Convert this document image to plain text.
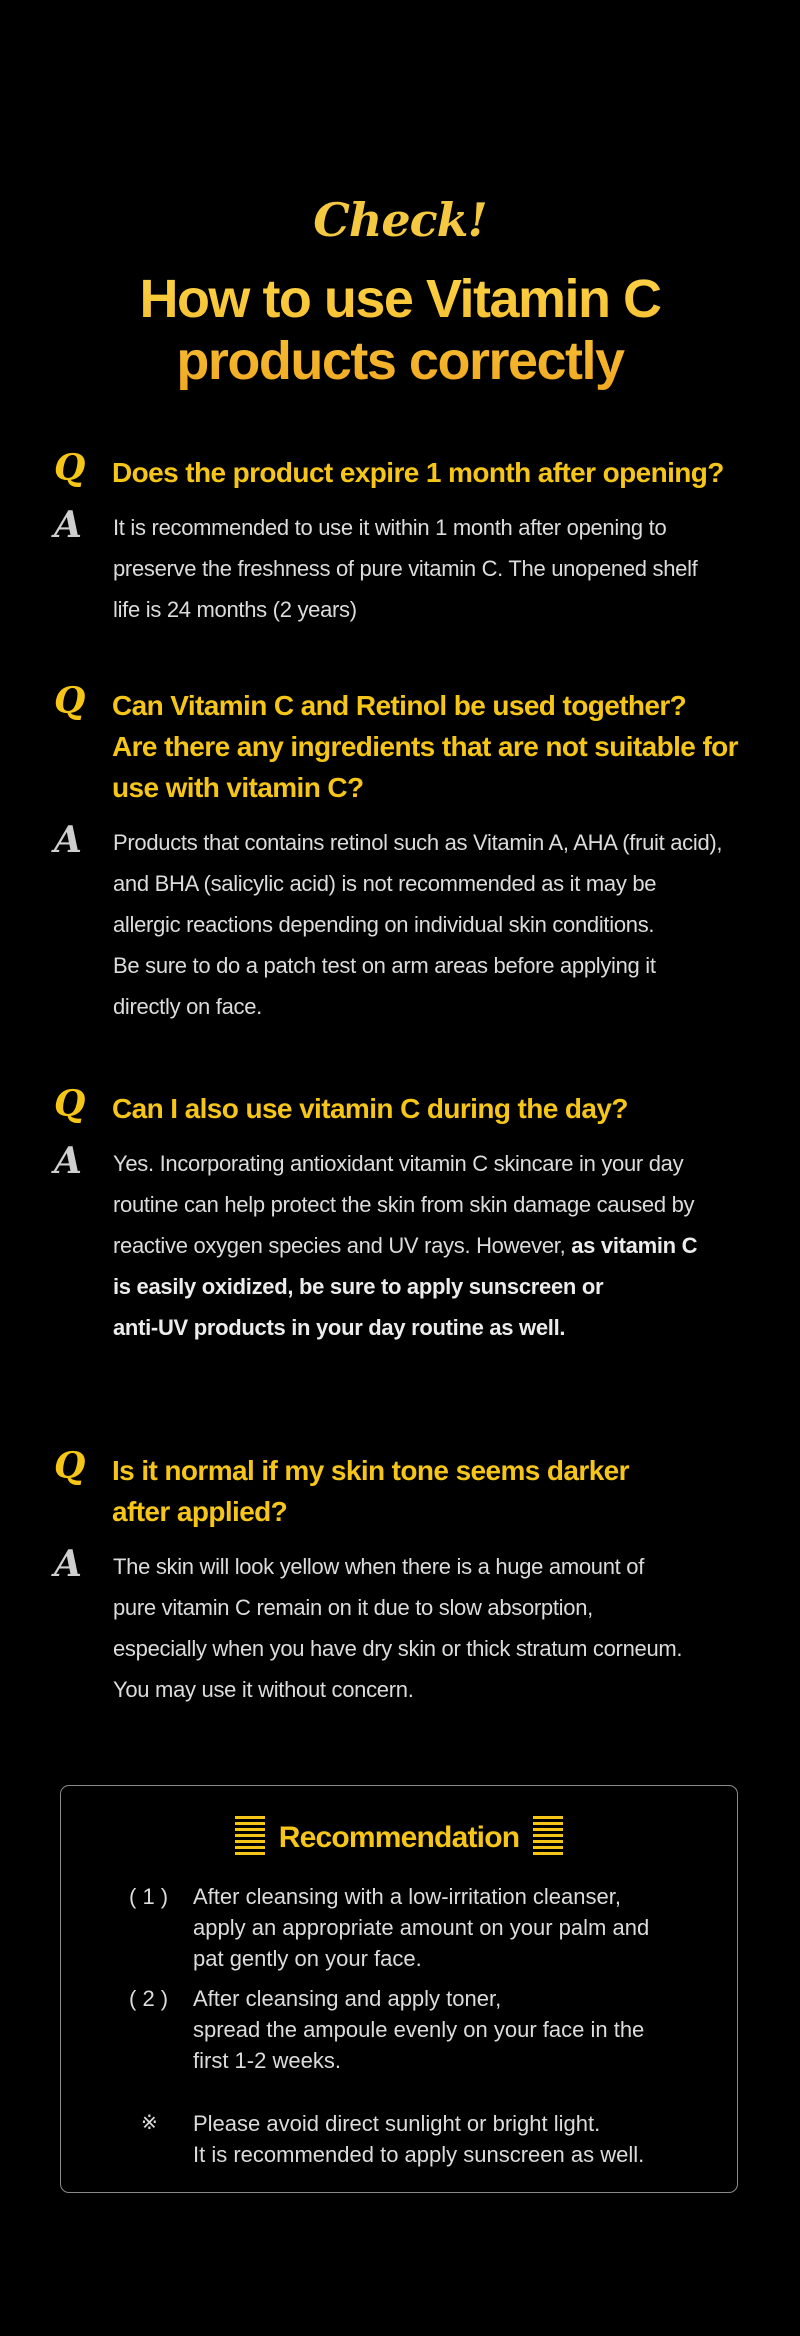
Check!
How to use Vitamin C
products correctly
Q Does the product expire 1 month after opening?
A It is recommended to use it within 1 month after opening to
preserve the freshness of pure vitamin C. The unopened shelf
life is 24 months (2 years)
Q Can Vitamin C and Retinol be used together?
Are there any ingredients that are not suitable for
use with vitamin C?
A Products that contains retinol such as Vitamin A, AHA (fruit acid),
and BHA (salicylic acid) is not recommended as it may be
allergic reactions depending on individual skin conditions.
Be sure to do a patch test on arm areas before applying it
directly on face.
Q Can I also use vitamin C during the day?
A Yes. Incorporating antioxidant vitamin C skincare in your day
routine can help protect the skin from skin damage caused by
reactive oxygen species and UV rays. However, as vitamin C
is easily oxidized, be sure to apply sunscreen or
anti-UV products in your day routine as well.
Q Is it normal if my skin tone seems darker
after applied?
A The skin will look yellow when there is a huge amount of
pure vitamin C remain on it due to slow absorption,
especially when you have dry skin or thick stratum corneum.
You may use it without concern.
Recommendation
( 1 ) After cleansing with a low-irritation cleanser,
apply an appropriate amount on your palm and
pat gently on your face.
( 2 ) After cleansing and apply toner,
spread the ampoule evenly on your face in the
first 1-2 weeks.
※ Please avoid direct sunlight or bright light.
It is recommended to apply sunscreen as well.
